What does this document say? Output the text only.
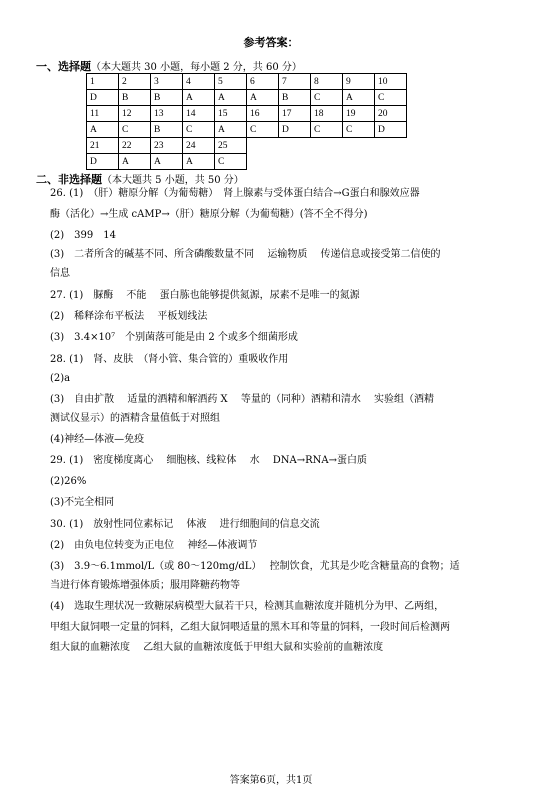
参考答案：
一、选择题（本大题共 30 小题，每小题 2 分，共 60 分）
1	2	3	4	5	6	7	8	9	10
D	B	B	A	A	A	B	C	A	C
11	12	13	14	15	16	17	18	19	20
A	C	B	C	A	C	D	C	C	D
21	22	23	24	25					
D	A	A	A	C					
二、非选择题（本大题共 5 小题，共 50 分）
26. (1)　（肝）糖原分解（为葡萄糖）　肾上腺素与受体蛋白结合→G蛋白和腺效应器
酶（活化）→生成 cAMP→（肝）糖原分解（为葡萄糖）(答不全不得分)
(2)　399　14
(3)　二者所含的碱基不同、所含磷酸数量不同　 运输物质　 传递信息或接受第二信使的
信息
27. (1)　脲酶　 不能　 蛋白胨也能够提供氮源，尿素不是唯一的氮源
(2)　稀释涂布平板法　 平板划线法
(3)　3.4×10⁷　个别菌落可能是由 2 个或多个细菌形成
28. (1)　肾、皮肤　（肾小管、集合管的）重吸收作用
(2)a
(3)　自由扩散　 适量的酒精和解酒药 X　 等量的（同种）酒精和清水　 实验组（酒精
测试仪显示）的酒精含量值低于对照组
(4)神经—体液—免疫
29. (1)　密度梯度离心　 细胞核、线粒体　 水　 DNA→RNA→蛋白质
(2)26%
(3)不完全相同
30. (1)　放射性同位素标记　 体液　 进行细胞间的信息交流
(2)　由负电位转变为正电位　 神经—体液调节
(3)　3.9～6.1mmol/L（或 80～120mg/dL）　 控制饮食，尤其是少吃含糖量高的食物；适
当进行体育锻炼增强体质；服用降糖药物等
(4)　选取生理状况一致糖尿病模型大鼠若干只，检测其血糖浓度并随机分为甲、乙两组，
甲组大鼠饲喂一定量的饲料，乙组大鼠饲喂适量的黑木耳和等量的饲料，一段时间后检测两
组大鼠的血糖浓度　 乙组大鼠的血糖浓度低于甲组大鼠和实验前的血糖浓度
答案第6页，共1页
